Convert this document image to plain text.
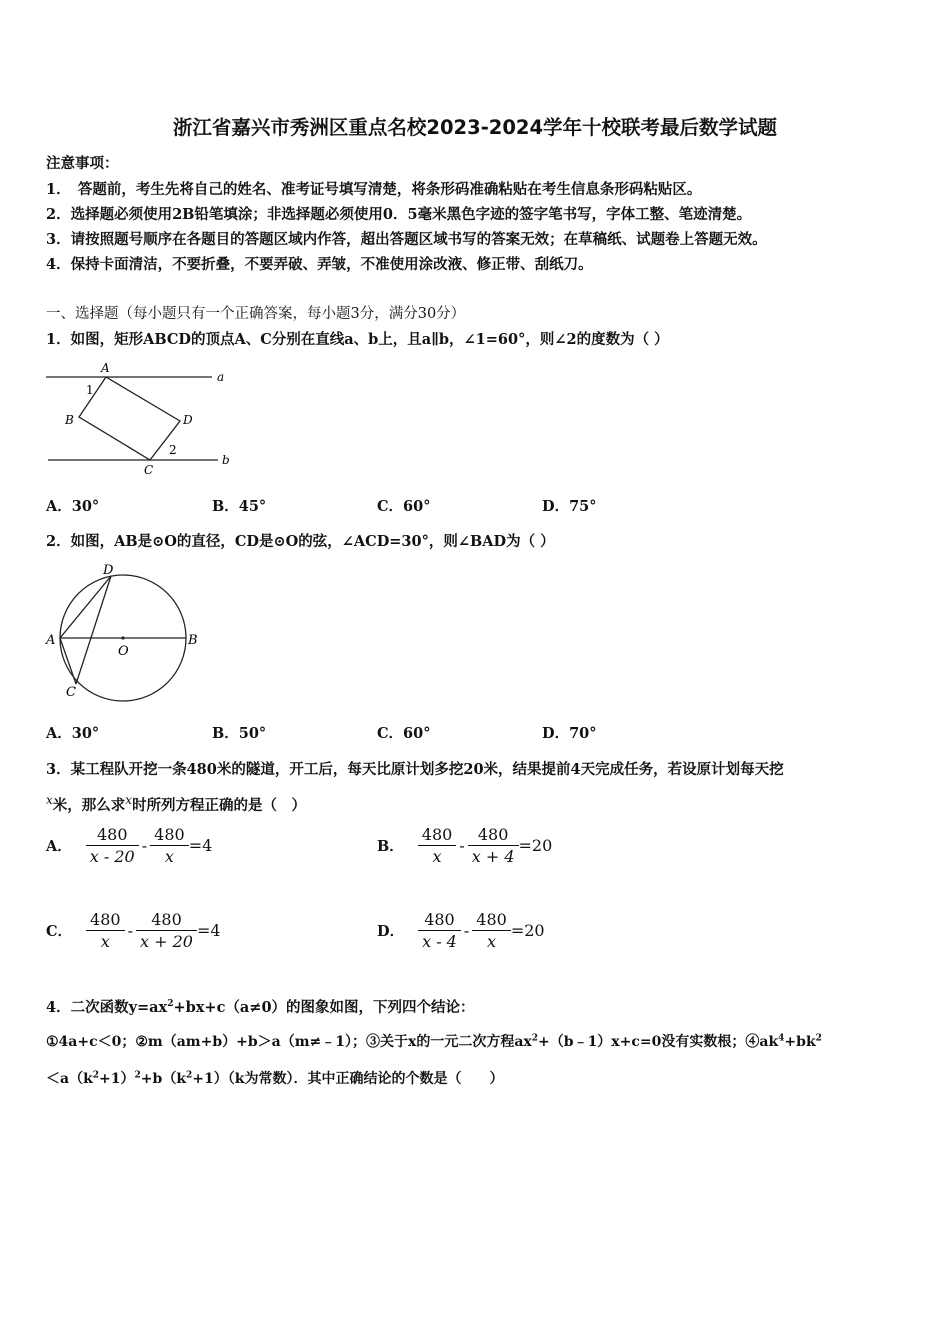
浙江省嘉兴市秀洲区重点名校2023-2024学年十校联考最后数学试题
注意事项：
1．　答题前，考生先将自己的姓名、准考证号填写清楚，将条形码准确粘贴在考生信息条形码粘贴区。
2．选择题必须使用2B铅笔填涂；非选择题必须使用0．5毫米黑色字迹的签字笔书写，字体工整、笔迹清楚。
3．请按照题号顺序在各题目的答题区域内作答，超出答题区域书写的答案无效；在草稿纸、试题卷上答题无效。
4．保持卡面清洁，不要折叠，不要弄破、弄皱，不准使用涂改液、修正带、刮纸刀。
一、选择题（每小题只有一个正确答案，每小题3分，满分30分）
1．如图，矩形ABCD的顶点A、C分别在直线a、b上，且a∥b，∠1=60°，则∠2的度数为（ ）
A
B
C
D
a
b
1
2
A．30°	B．45°	C．60°	D．75°
2．如图，AB是⊙O的直径，CD是⊙O的弦，∠ACD=30°，则∠BAD为（ ）
A	B
C
D
O
A．30°	B．50°	C．60°	D．70°
3．某工程队开挖一条480米的隧道，开工后，每天比原计划多挖20米，结果提前4天完成任务，若设原计划每天挖
$^x$米，那么求$^x$时所列方程正确的是（　）
A． $\frac{480}{x - 20} - \frac{480}{x} =4$	B． $\frac{480}{x} - \frac{480}{x + 4} =20$
C． $\frac{480}{x} - \frac{480}{x + 20} =4$	D． $\frac{480}{x - 4} - \frac{480}{x} =20$
4．二次函数$y=ax^2+bx+c(a\ne 0)$的图象如图，下列四个结论：
①4a+c＜0；②m（am+b）+b＞a（m≠﹣1）；③关于x的一元二次方程$ax^2+(b﹣1)x+c=0$没有实数根；$④ak^4+bk^2$
$<a(k^2+1)^2+b(k^2+1)(k$为常数）．其中正确结论的个数是（　　）
